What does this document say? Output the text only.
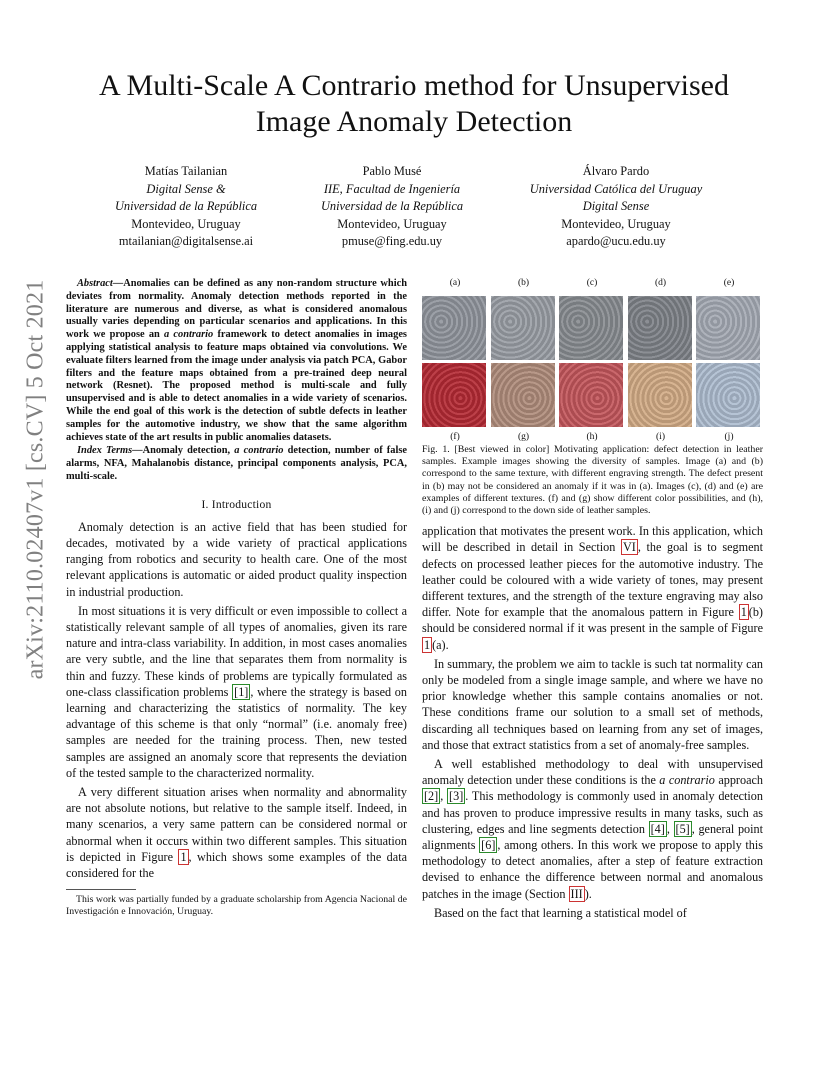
arXiv:2110.02407v1 [cs.CV] 5 Oct 2021
A Multi-Scale A Contrario method for Unsupervised Image Anomaly Detection
Matías Tailanian
Digital Sense &
Universidad de la República
Montevideo, Uruguay
mtailanian@digitalsense.ai
Pablo Musé
IIE, Facultad de Ingeniería
Universidad de la República
Montevideo, Uruguay
pmuse@fing.edu.uy
Álvaro Pardo
Universidad Católica del Uruguay
Digital Sense
Montevideo, Uruguay
apardo@ucu.edu.uy

Abstract—Anomalies can be defined as any non-random structure which deviates from normality. Anomaly detection methods reported in the literature are numerous and diverse, as what is considered anomalous usually varies depending on particular scenarios and applications. In this work we propose an a contrario framework to detect anomalies in images applying statistical analysis to feature maps obtained via convolutions. We evaluate filters learned from the image under analysis via patch PCA, Gabor filters and the feature maps obtained from a pre-trained deep neural network (Resnet). The proposed method is multi-scale and fully unsupervised and is able to detect anomalies in a wide variety of scenarios. While the end goal of this work is the detection of subtle defects in leather samples for the automotive industry, we show that the same algorithm achieves state of the art results in public anomalies datasets.

Index Terms—Anomaly detection, a contrario detection, number of false alarms, NFA, Mahalanobis distance, principal components analysis, PCA, multi-scale.

I. Introduction

Anomaly detection is an active field that has been studied for decades, motivated by a wide variety of practical applications ranging from robotics and security to health care. One of the most relevant applications is automatic or aided product quality inspection in industrial production.

In most situations it is very difficult or even impossible to collect a statistically relevant sample of all types of anomalies, given its rare nature and intra-class variability. In addition, in most cases anomalies are very subtle, and the line that separates them from normality is thin and fuzzy. These kinds of problems are typically formulated as one-class classification problems [1] , where the strategy is based on learning and characterizing the statistics of normality. The key advantage of this scheme is that only “normal” (i.e. anomaly free) samples are needed for the training process. Then, new tested samples are assigned an anomaly score that represents the deviation of the tested sample to the characterized normality.

A very different situation arises when normality and abnormality are not absolute notions, but relative to the sample itself. Indeed, in many scenarios, a very same pattern can be considered normal or abnormal when it occurs within two different samples. This situation is depicted in Figure 1 , which shows some examples of the data considered for the

This work was partially funded by a graduate scholarship from Agencia Nacional de Investigación e Innovación, Uruguay.

(a)	(b)	(c)	(d)	(e)
(f)	(g)	(h)	(i)	(j)

Fig. 1. [Best viewed in color] Motivating application: defect detection in leather samples. Example images showing the diversity of samples. Image (a) and (b) correspond to the same texture, with different engraving strength. The defect present in (b) may not be considered an anomaly if it was in (a). Images (c), (d) and (e) are examples of different textures. (f) and (g) show different color possibilities, and (h), (i) and (j) correspond to the down side of leather samples.

application that motivates the present work. In this application, which will be described in detail in Section VI , the goal is to segment defects on processed leather pieces for the automotive industry. The leather could be coloured with a wide variety of tones, may present different textures, and the strength of the texture engraving may also differ. Note for example that the anomalous pattern in Figure 1 (b) should be considered normal if it was present in the sample of Figure 1 (a).

In summary, the problem we aim to tackle is such tat normality can only be modeled from a single image sample, and where we have no prior knowledge whether this sample contains anomalies or not. These conditions frame our solution to a small set of methods, discarding all techniques based on learning from any set of images, and those that extract statistics from a set of anomaly-free samples.

A well established methodology to deal with unsupervised anomaly detection under these conditions is the a contrario approach [2] , [3] . This methodology is commonly used in anomaly detection and has proven to produce impressive results in many tasks, such as clustering, edges and line segments detection [4] , [5] , general point alignments [6] , among others. In this work we propose to apply this methodology to detect anomalies, after a step of feature extraction devised to enhance the difference between normal and anomalous patches in the image (Section III ).

Based on the fact that learning a statistical model of
